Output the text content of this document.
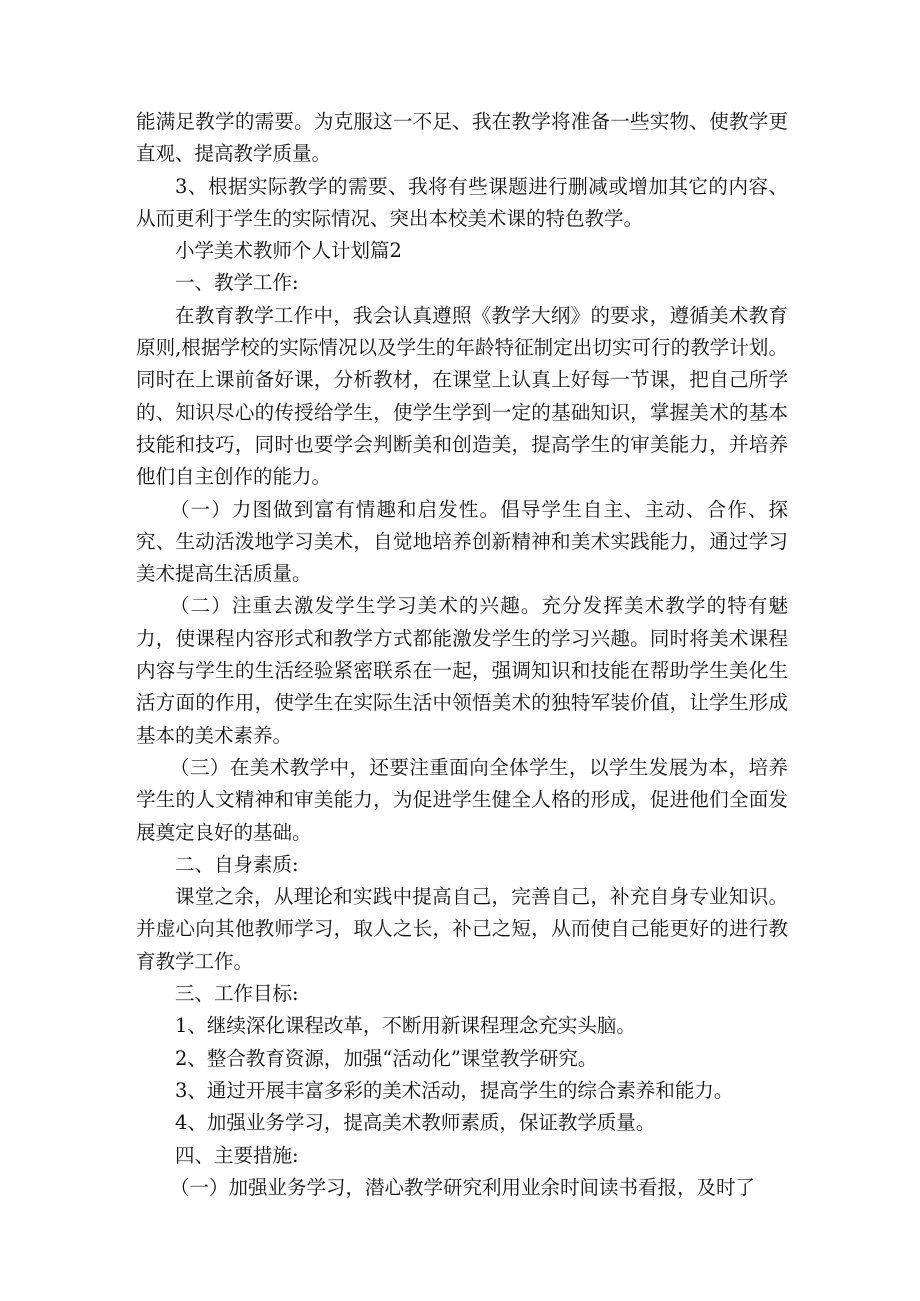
能满足教学的需要。为克服这一不足、我在教学将准备一些实物、使教学更直观、提高教学质量。

3、根据实际教学的需要、我将有些课题进行删减或增加其它的内容、从而更利于学生的实际情况、突出本校美术课的特色教学。

小学美术教师个人计划篇2

一、教学工作:

在教育教学工作中，我会认真遵照《教学大纲》的要求，遵循美术教育原则,根据学校的实际情况以及学生的年龄特征制定出切实可行的教学计划。同时在上课前备好课，分析教材，在课堂上认真上好每一节课，把自己所学的、知识尽心的传授给学生，使学生学到一定的基础知识，掌握美术的基本技能和技巧，同时也要学会判断美和创造美，提高学生的审美能力，并培养他们自主创作的能力。

（一）力图做到富有情趣和启发性。倡导学生自主、主动、合作、探究、生动活泼地学习美术，自觉地培养创新精神和美术实践能力，通过学习美术提高生活质量。

（二）注重去激发学生学习美术的兴趣。充分发挥美术教学的特有魅力，使课程内容形式和教学方式都能激发学生的学习兴趣。同时将美术课程内容与学生的生活经验紧密联系在一起，强调知识和技能在帮助学生美化生活方面的作用，使学生在实际生活中领悟美术的独特军装价值，让学生形成基本的美术素养。

（三）在美术教学中，还要注重面向全体学生，以学生发展为本，培养学生的人文精神和审美能力，为促进学生健全人格的形成，促进他们全面发展奠定良好的基础。

二、自身素质:

课堂之余，从理论和实践中提高自己，完善自己，补充自身专业知识。并虚心向其他教师学习，取人之长，补己之短，从而使自己能更好的进行教育教学工作。

三、工作目标:

1、继续深化课程改革，不断用新课程理念充实头脑。

2、整合教育资源，加强“活动化”课堂教学研究。

3、通过开展丰富多彩的美术活动，提高学生的综合素养和能力。

4、加强业务学习，提高美术教师素质，保证教学质量。

四、主要措施:

（一）加强业务学习，潜心教学研究利用业余时间读书看报，及时了
